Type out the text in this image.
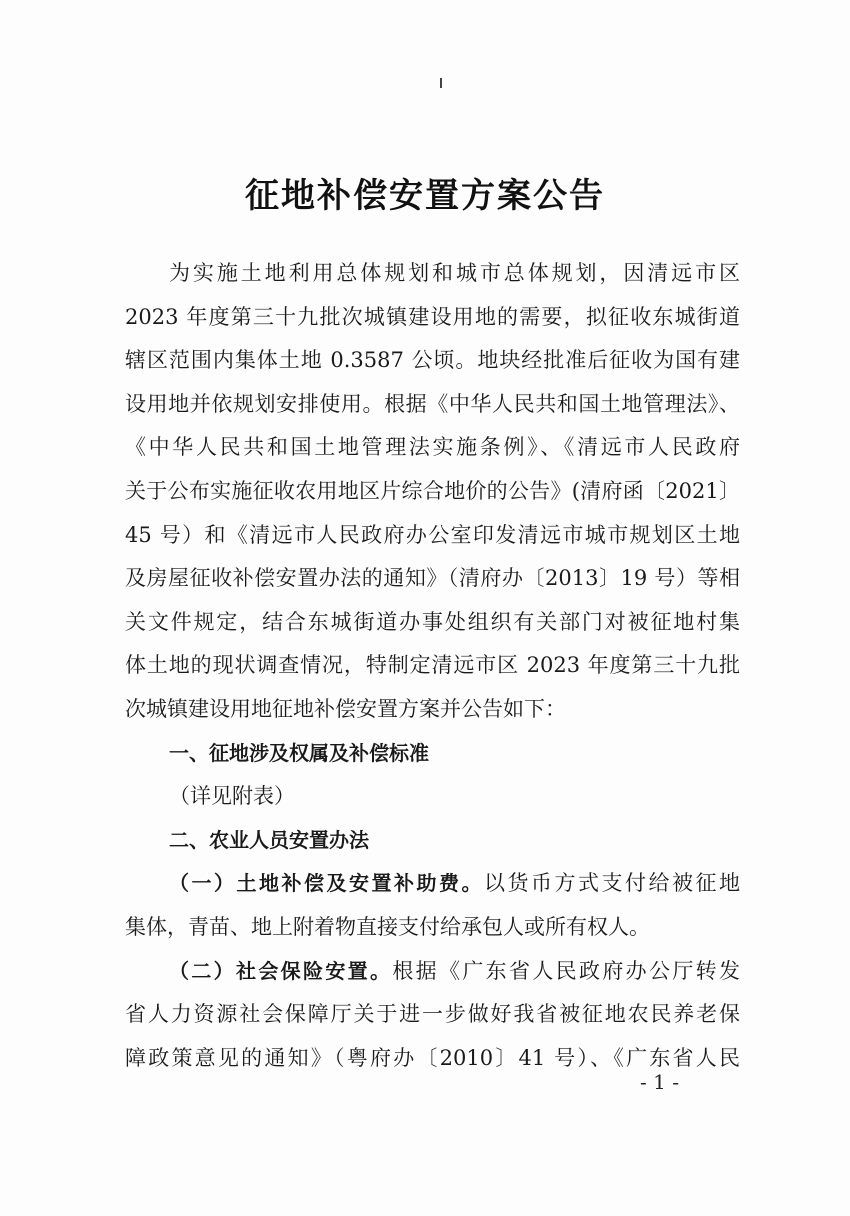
征地补偿安置方案公告
为实施土地利用总体规划和城市总体规划，因清远市区
2023 年度第三十九批次城镇建设用地的需要，拟征收东城街道
辖区范围内集体土地 0.3587 公顷。地块经批准后征收为国有建
设用地并依规划安排使用。根据《中华人民共和国土地管理法》、
《中华人民共和国土地管理法实施条例》、《清远市人民政府
关于公布实施征收农用地区片综合地价的公告》(清府函〔2021〕
45 号）和《清远市人民政府办公室印发清远市城市规划区土地
及房屋征收补偿安置办法的通知》（清府办〔2013〕19 号）等相
关文件规定，结合东城街道办事处组织有关部门对被征地村集
体土地的现状调查情况，特制定清远市区 2023 年度第三十九批
次城镇建设用地征地补偿安置方案并公告如下：
一、征地涉及权属及补偿标准
（详见附表）
二、农业人员安置办法
（一）土地补偿及安置补助费。以货币方式支付给被征地
集体，青苗、地上附着物直接支付给承包人或所有权人。
（二）社会保险安置。根据《广东省人民政府办公厅转发
省人力资源社会保障厅关于进一步做好我省被征地农民养老保
障政策意见的通知》（粤府办〔2010〕41 号）、《广东省人民
- 1 -
